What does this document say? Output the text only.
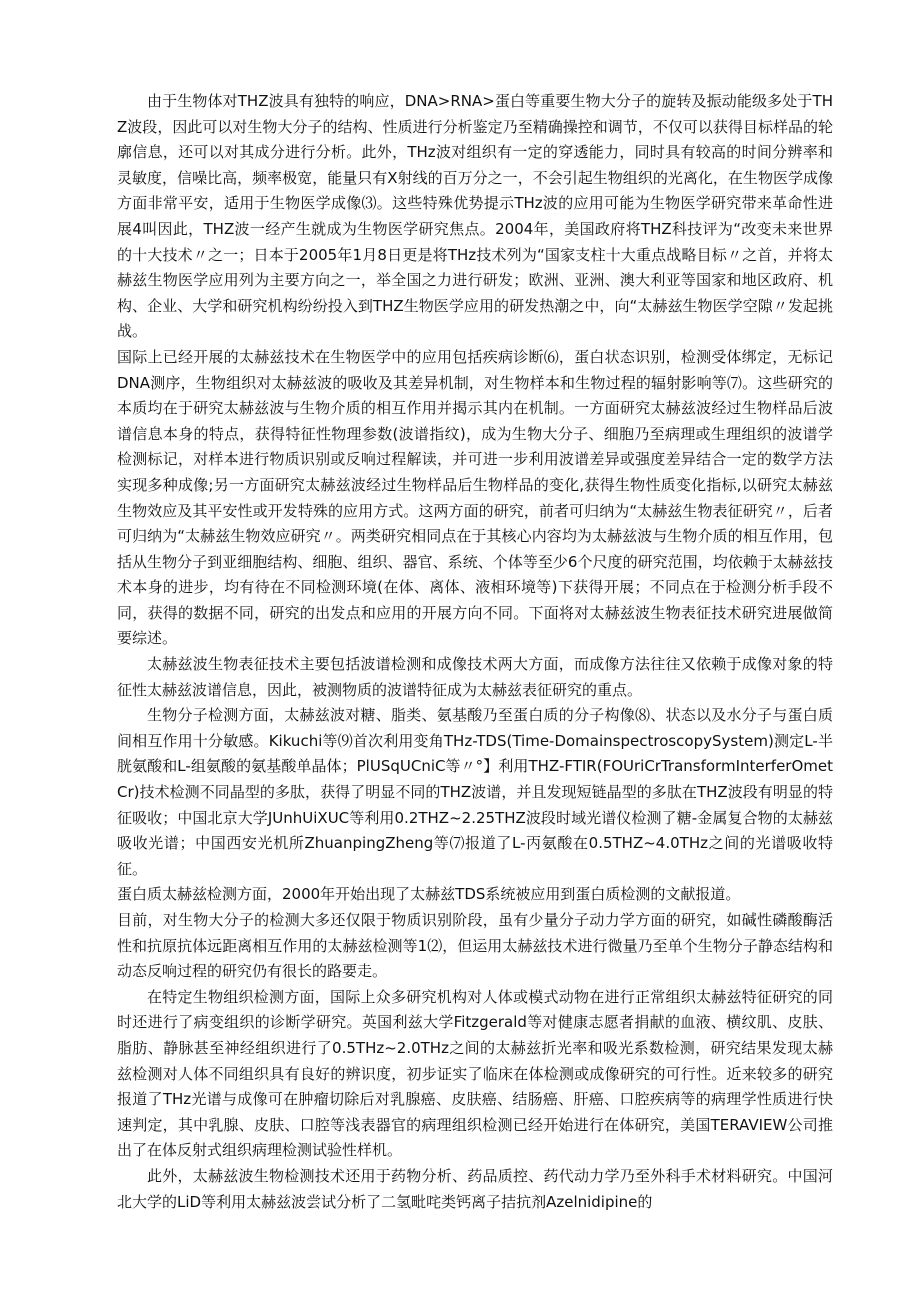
由于生物体对THZ波具有独特的响应，DNA>RNA>蛋白等重要生物大分子的旋转及振动能级多处于THZ波段，因此可以对生物大分子的结构、性质进行分析鉴定乃至精确操控和调节，不仅可以获得目标样品的轮廓信息，还可以对其成分进行分析。此外，THz波对组织有一定的穿透能力，同时具有较高的时间分辨率和灵敏度，信噪比高，频率极宽，能量只有X射线的百万分之一，不会引起生物组织的光离化，在生物医学成像方面非常平安，适用于生物医学成像⑶。这些特殊优势提示THz波的应用可能为生物医学研究带来革命性进展4叫因此，THZ波一经产生就成为生物医学研究焦点。2004年，美国政府将THZ科技评为“改变未来世界的十大技术〃之一；日本于2005年1月8日更是将THz技术列为“国家支柱十大重点战略目标〃之首，并将太赫兹生物医学应用列为主要方向之一，举全国之力进行研发；欧洲、亚洲、澳大利亚等国家和地区政府、机构、企业、大学和研究机构纷纷投入到THZ生物医学应用的研发热潮之中，向“太赫兹生物医学空隙〃发起挑战。

国际上已经开展的太赫兹技术在生物医学中的应用包括疾病诊断⑹，蛋白状态识别，检测受体绑定，无标记DNA测序，生物组织对太赫兹波的吸收及其差异机制，对生物样本和生物过程的辐射影响等⑺。这些研究的本质均在于研究太赫兹波与生物介质的相互作用并揭示其内在机制。一方面研究太赫兹波经过生物样品后波谱信息本身的特点，获得特征性物理参数(波谱指纹)，成为生物大分子、细胞乃至病理或生理组织的波谱学检测标记，对样本进行物质识别或反响过程解读，并可进一步利用波谱差异或强度差异结合一定的数学方法实现多种成像;另一方面研究太赫兹波经过生物样品后生物样品的变化,获得生物性质变化指标,以研究太赫兹生物效应及其平安性或开发特殊的应用方式。这两方面的研究，前者可归纳为“太赫兹生物表征研究〃，后者可归纳为“太赫兹生物效应研究〃。两类研究相同点在于其核心内容均为太赫兹波与生物介质的相互作用，包括从生物分子到亚细胞结构、细胞、组织、器官、系统、个体等至少6个尺度的研究范围，均依赖于太赫兹技术本身的进步，均有待在不同检测环境(在体、离体、液相环境等)下获得开展；不同点在于检测分析手段不同，获得的数据不同，研究的出发点和应用的开展方向不同。下面将对太赫兹波生物表征技术研究进展做简要综述。

太赫兹波生物表征技术主要包括波谱检测和成像技术两大方面，而成像方法往往又依赖于成像对象的特征性太赫兹波谱信息，因此，被测物质的波谱特征成为太赫兹表征研究的重点。

生物分子检测方面，太赫兹波对糖、脂类、氨基酸乃至蛋白质的分子构像⑻、状态以及水分子与蛋白质间相互作用十分敏感。Kikuchi等⑼首次利用变角THz-TDS(Time-DomainspectroscopySystem)测定L-半胱氨酸和L-组氨酸的氨基酸单晶体；PlUSqUCniC等〃°】利用THZ-FTIR(FOUriCrTransformInterferOmetCr)技术检测不同晶型的多肽，获得了明显不同的THZ波谱，并且发现短链晶型的多肽在THZ波段有明显的特征吸收；中国北京大学JUnhUiXUC等利用0.2THZ~2.25THZ波段时域光谱仪检测了糖-金属复合物的太赫兹吸收光谱；中国西安光机所ZhuanpingZheng等⑺报道了L-丙氨酸在0.5THZ~4.0THz之间的光谱吸收特征。

蛋白质太赫兹检测方面，2000年开始出现了太赫兹TDS系统被应用到蛋白质检测的文献报道。

目前，对生物大分子的检测大多还仅限于物质识别阶段，虽有少量分子动力学方面的研究，如碱性磷酸酶活性和抗原抗体远距离相互作用的太赫兹检测等1⑵，但运用太赫兹技术进行微量乃至单个生物分子静态结构和动态反响过程的研究仍有很长的路要走。

在特定生物组织检测方面，国际上众多研究机构对人体或模式动物在进行正常组织太赫兹特征研究的同时还进行了病变组织的诊断学研究。英国利兹大学Fitzgerald等对健康志愿者捐献的血液、横纹肌、皮肤、脂肪、静脉甚至神经组织进行了0.5THz~2.0THz之间的太赫兹折光率和吸光系数检测，研究结果发现太赫兹检测对人体不同组织具有良好的辨识度，初步证实了临床在体检测或成像研究的可行性。近来较多的研究报道了THz光谱与成像可在肿瘤切除后对乳腺癌、皮肤癌、结肠癌、肝癌、口腔疾病等的病理学性质进行快速判定，其中乳腺、皮肤、口腔等浅表器官的病理组织检测已经开始进行在体研究，美国TERAVIEW公司推出了在体反射式组织病理检测试验性样机。

此外，太赫兹波生物检测技术还用于药物分析、药品质控、药代动力学乃至外科手术材料研究。中国河北大学的LiD等利用太赫兹波尝试分析了二氢毗咤类钙离子拮抗剂Azelnidipine的
